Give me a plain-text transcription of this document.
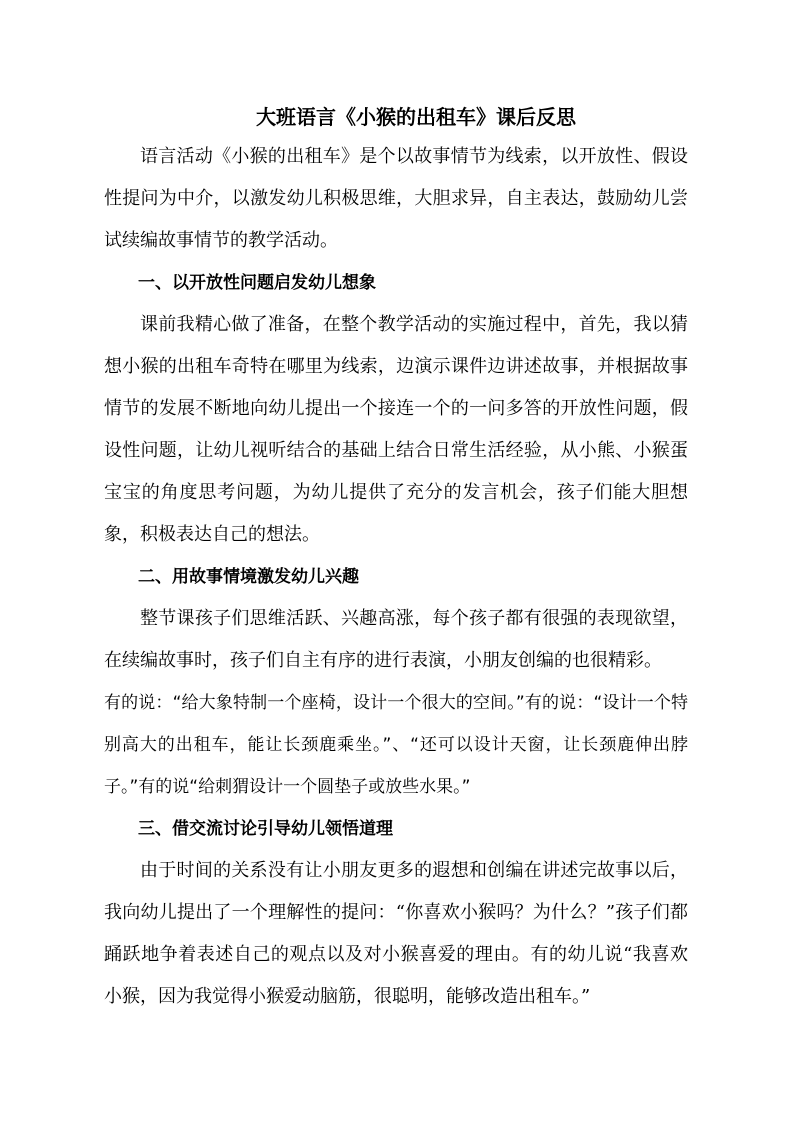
大班语言《小猴的出租车》课后反思

语言活动《小猴的出租车》是个以故事情节为线索，以开放性、假设性提问为中介，以激发幼儿积极思维，大胆求异，自主表达，鼓励幼儿尝试续编故事情节的教学活动。

一、以开放性问题启发幼儿想象

课前我精心做了准备，在整个教学活动的实施过程中，首先，我以猜想小猴的出租车奇特在哪里为线索，边演示课件边讲述故事，并根据故事情节的发展不断地向幼儿提出一个接连一个的一问多答的开放性问题，假设性问题，让幼儿视听结合的基础上结合日常生活经验，从小熊、小猴蛋宝宝的角度思考问题，为幼儿提供了充分的发言机会，孩子们能大胆想象，积极表达自己的想法。

二、用故事情境激发幼儿兴趣

整节课孩子们思维活跃、兴趣高涨，每个孩子都有很强的表现欲望，在续编故事时，孩子们自主有序的进行表演，小朋友创编的也很精彩。

有的说：“给大象特制一个座椅，设计一个很大的空间。”有的说：“设计一个特别高大的出租车，能让长颈鹿乘坐。”、“还可以设计天窗，让长颈鹿伸出脖子。”有的说“给刺猬设计一个圆垫子或放些水果。”

三、借交流讨论引导幼儿领悟道理

由于时间的关系没有让小朋友更多的遐想和创编在讲述完故事以后，我向幼儿提出了一个理解性的提问：“你喜欢小猴吗？为什么？”孩子们都踊跃地争着表述自己的观点以及对小猴喜爱的理由。有的幼儿说“我喜欢小猴，因为我觉得小猴爱动脑筋，很聪明，能够改造出租车。”
